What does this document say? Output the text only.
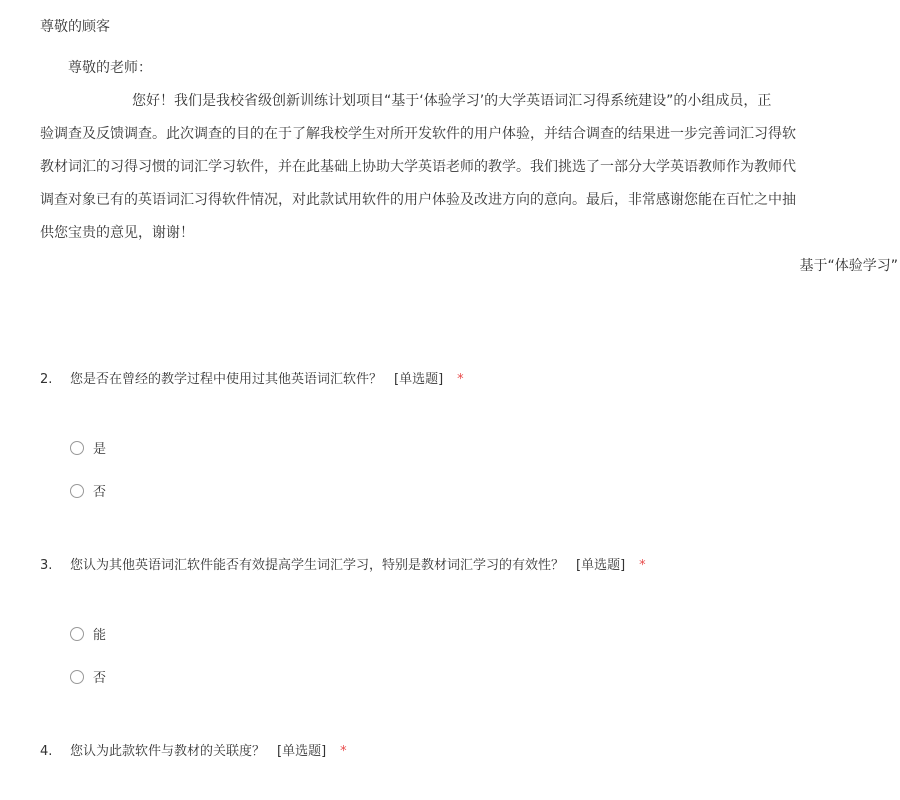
尊敬的顾客
尊敬的老师：
您好！我们是我校省级创新训练计划项目“基于‘体验学习’的大学英语词汇习得系统建设”的小组成员，正
验调查及反馈调查。此次调查的目的在于了解我校学生对所开发软件的用户体验，并结合调查的结果进一步完善词汇习得软
教材词汇的习得习惯的词汇学习软件，并在此基础上协助大学英语老师的教学。我们挑选了一部分大学英语教师作为教师代
调查对象已有的英语词汇习得软件情况，对此款试用软件的用户体验及改进方向的意向。最后，非常感谢您能在百忙之中抽
供您宝贵的意见，谢谢！
基于“体验学习”
2. 您是否在曾经的教学过程中使用过其他英语词汇软件？ [单选题] *
是
否
3. 您认为其他英语词汇软件能否有效提高学生词汇学习，特别是教材词汇学习的有效性？ [单选题] *
能
否
4. 您认为此款软件与教材的关联度？ [单选题] *
